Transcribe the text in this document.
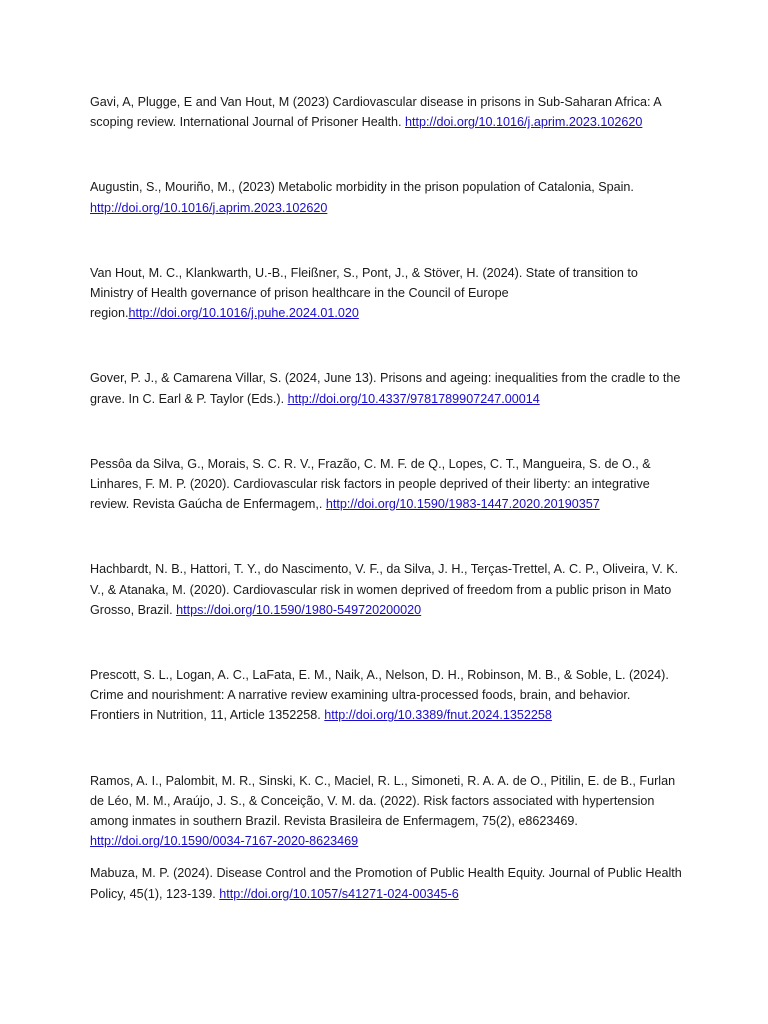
Gavi, A, Plugge, E and Van Hout, M (2023) Cardiovascular disease in prisons in Sub-Saharan Africa: A scoping review. International Journal of Prisoner Health. http://doi.org/10.1016/j.aprim.2023.102620

Augustin, S., Mouriño, M., (2023) Metabolic morbidity in the prison population of Catalonia, Spain. http://doi.org/10.1016/j.aprim.2023.102620

Van Hout, M. C., Klankwarth, U.-B., Fleißner, S., Pont, J., & Stöver, H. (2024). State of transition to Ministry of Health governance of prison healthcare in the Council of Europe region.http://doi.org/10.1016/j.puhe.2024.01.020

Gover, P. J., & Camarena Villar, S. (2024, June 13). Prisons and ageing: inequalities from the cradle to the grave. In C. Earl & P. Taylor (Eds.). http://doi.org/10.4337/9781789907247.00014

Pessôa da Silva, G., Morais, S. C. R. V., Frazão, C. M. F. de Q., Lopes, C. T., Mangueira, S. de O., & Linhares, F. M. P. (2020). Cardiovascular risk factors in people deprived of their liberty: an integrative review. Revista Gaúcha de Enfermagem,. http://doi.org/10.1590/1983-1447.2020.20190357

Hachbardt, N. B., Hattori, T. Y., do Nascimento, V. F., da Silva, J. H., Terças-Trettel, A. C. P., Oliveira, V. K. V., & Atanaka, M. (2020). Cardiovascular risk in women deprived of freedom from a public prison in Mato Grosso, Brazil. https://doi.org/10.1590/1980-549720200020

Prescott, S. L., Logan, A. C., LaFata, E. M., Naik, A., Nelson, D. H., Robinson, M. B., & Soble, L. (2024). Crime and nourishment: A narrative review examining ultra-processed foods, brain, and behavior. Frontiers in Nutrition, 11, Article 1352258. http://doi.org/10.3389/fnut.2024.1352258

Ramos, A. I., Palombit, M. R., Sinski, K. C., Maciel, R. L., Simoneti, R. A. A. de O., Pitilin, E. de B., Furlan de Léo, M. M., Araújo, J. S., & Conceição, V. M. da. (2022). Risk factors associated with hypertension among inmates in southern Brazil. Revista Brasileira de Enfermagem, 75(2), e8623469. http://doi.org/10.1590/0034-7167-2020-8623469

Mabuza, M. P. (2024). Disease Control and the Promotion of Public Health Equity. Journal of Public Health Policy, 45(1), 123-139. http://doi.org/10.1057/s41271-024-00345-6
